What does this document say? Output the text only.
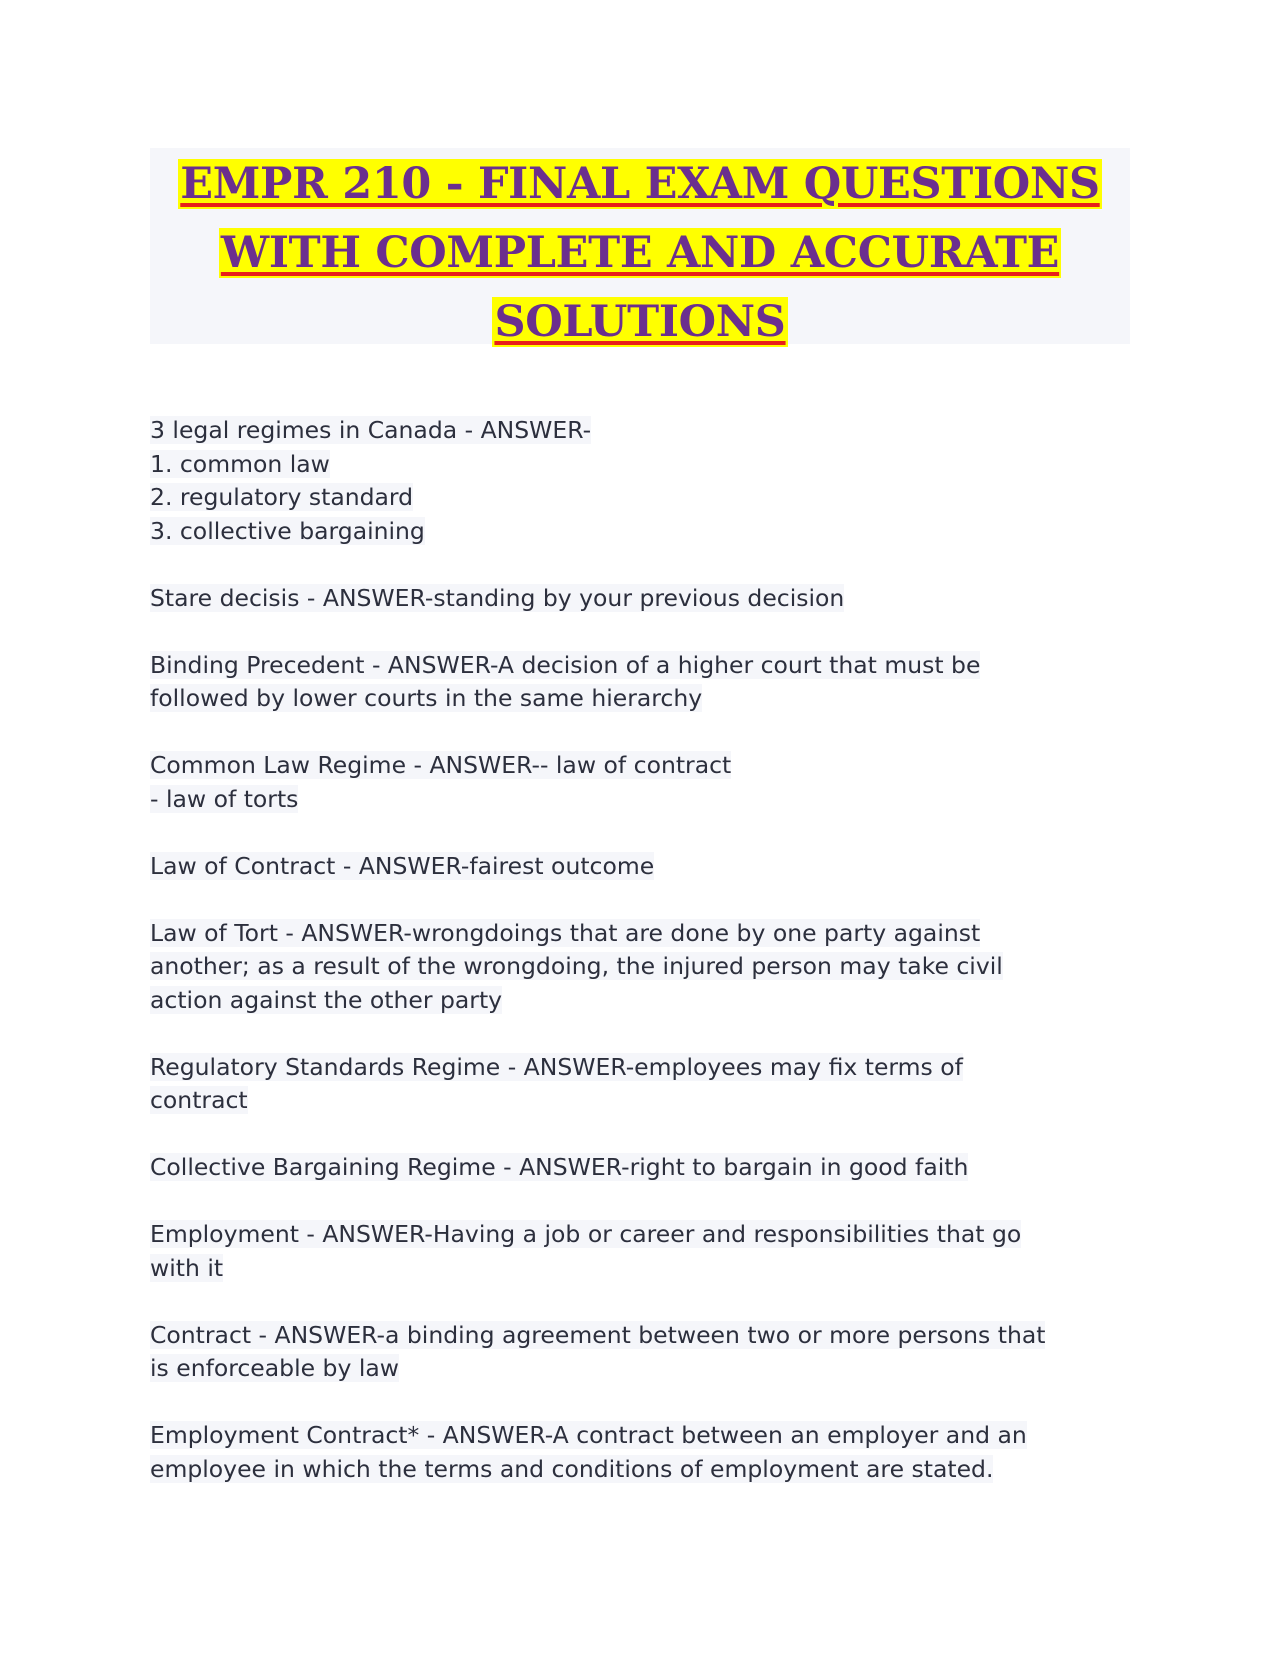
EMPR 210 - FINAL EXAM QUESTIONS
WITH COMPLETE AND ACCURATE
SOLUTIONS
3 legal regimes in Canada - ANSWER-
1. common law
2. regulatory standard
3. collective bargaining
Stare decisis - ANSWER-standing by your previous decision
Binding Precedent - ANSWER-A decision of a higher court that must be
followed by lower courts in the same hierarchy
Common Law Regime - ANSWER-- law of contract
- law of torts
Law of Contract - ANSWER-fairest outcome
Law of Tort - ANSWER-wrongdoings that are done by one party against
another; as a result of the wrongdoing, the injured person may take civil
action against the other party
Regulatory Standards Regime - ANSWER-employees may fix terms of
contract
Collective Bargaining Regime - ANSWER-right to bargain in good faith
Employment - ANSWER-Having a job or career and responsibilities that go
with it
Contract - ANSWER-a binding agreement between two or more persons that
is enforceable by law
Employment Contract* - ANSWER-A contract between an employer and an
employee in which the terms and conditions of employment are stated.
